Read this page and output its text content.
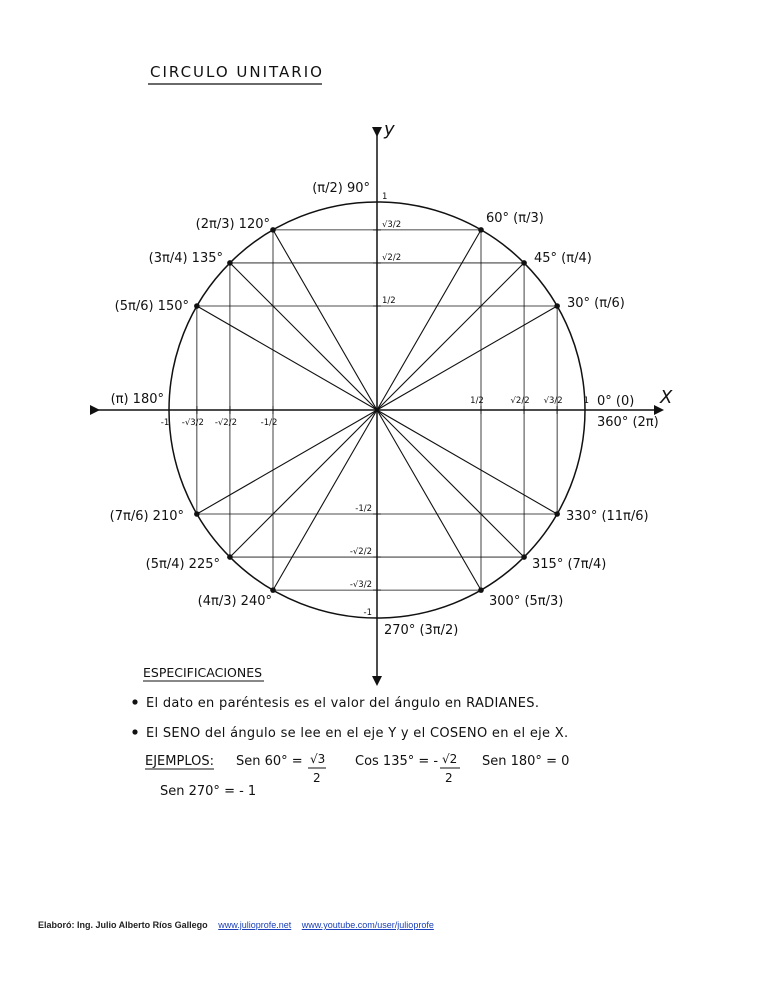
CIRCULO UNITARIO
X
y
1/2	√2/2 √3/2 1
-1 -√3/2 -√2/2	-1/2
1
√3/2
√2/2
1/2
-1/2
-√2/2
-√3/2
-1
0° (0)
30° (π/6)
45° (π/4)
60° (π/3)
(π/2) 90°
(2π/3) 120°
(3π/4) 135°
(5π/6) 150°
(π) 180°
(7π/6) 210°
(5π/4) 225°
(4π/3) 240°
270° (3π/2)
300° (5π/3)
315° (7π/4)
330° (11π/6)
360° (2π)
ESPECIFICACIONES
El dato en paréntesis es el valor del ángulo en RADIANES.
El SENO del ángulo se lee en el eje Y y el COSENO en el eje X.
EJEMPLOS: Sen 60° = √3
2
Cos 135° = - √2
2
Sen 180° = 0
Sen 270° = - 1
Elaboró: Ing. Julio Alberto Ríos Gallego www.julioprofe.net www.youtube.com/user/julioprofe
